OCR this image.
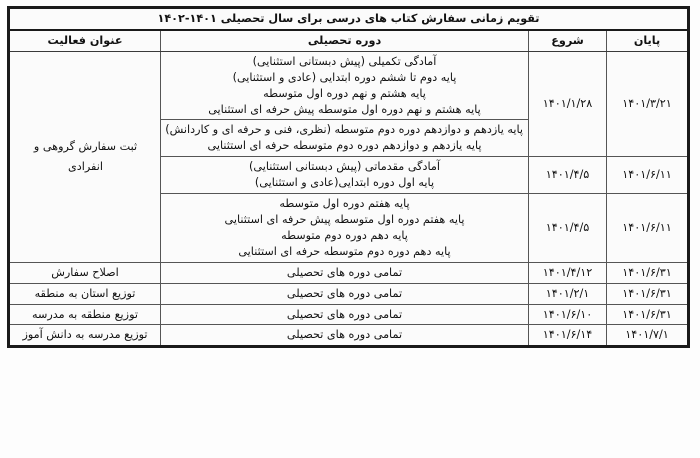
تقویم زمانی سفارش کتاب های درسی برای سال تحصیلی ۱۴۰۱-۱۴۰۲			
پایان	شروع	دوره تحصیلی	عنوان فعالیت
۱۴۰۱/۳/۲۱	۱۴۰۱/۱/۲۸	آمادگی تکمیلی (پیش دبستانی استثنایی)
پایه دوم تا ششم دوره ابتدایی (عادی و استثنایی)
پایه هشتم و نهم دوره اول متوسطه
پایه هشتم و نهم دوره اول متوسطه پیش حرفه ای استثنایی	ثبت سفارش گروهی و انفرادی

		پایه یازدهم و دوازدهم دوره دوم متوسطه (نظری، فنی و حرفه ای و کاردانش)
پایه یازدهم و دوازدهم دوره دوم متوسطه حرفه ای استثنایی	

۱۴۰۱/۶/۱۱	۱۴۰۱/۴/۵	آمادگی مقدماتی (پیش دبستانی استثنایی)
پایه اول دوره ابتدایی(عادی و استثنایی)	

۱۴۰۱/۶/۱۱	۱۴۰۱/۴/۵	پایه هفتم دوره اول متوسطه
پایه هفتم دوره اول متوسطه پیش حرفه ای استثنایی
پایه دهم دوره دوم متوسطه
پایه دهم دوره دوم متوسطه حرفه ای استثنایی	

۱۴۰۱/۶/۳۱	۱۴۰۱/۴/۱۲	تمامی دوره های تحصیلی	اصلاح سفارش
۱۴۰۱/۶/۳۱	۱۴۰۱/۲/۱	تمامی دوره های تحصیلی	توزیع استان به منطقه
۱۴۰۱/۶/۳۱	۱۴۰۱/۶/۱۰	تمامی دوره های تحصیلی	توزیع منطقه به مدرسه
۱۴۰۱/۷/۱	۱۴۰۱/۶/۱۴	تمامی دوره های تحصیلی	توزیع مدرسه به دانش آموز
